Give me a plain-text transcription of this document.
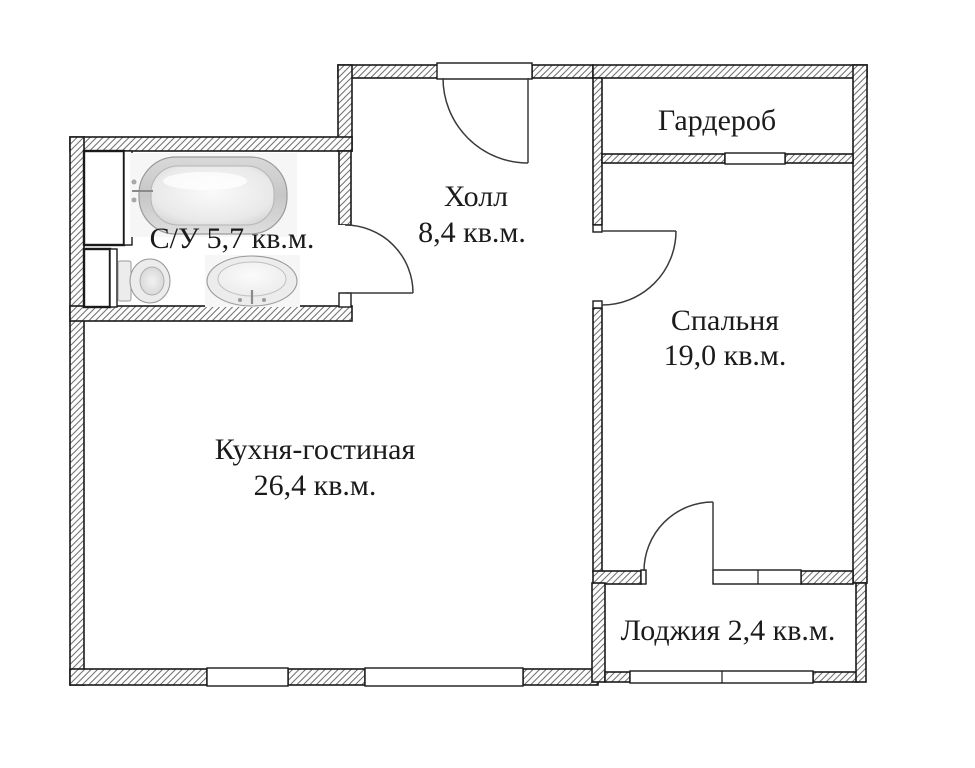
Гардероб
Холл 8,4 кв.м.
Спальня 19,0 кв.м.
С/У 5,7 кв.м.
Кухня-гостиная 26,4 кв.м.
Лоджия 2,4 кв.м.
